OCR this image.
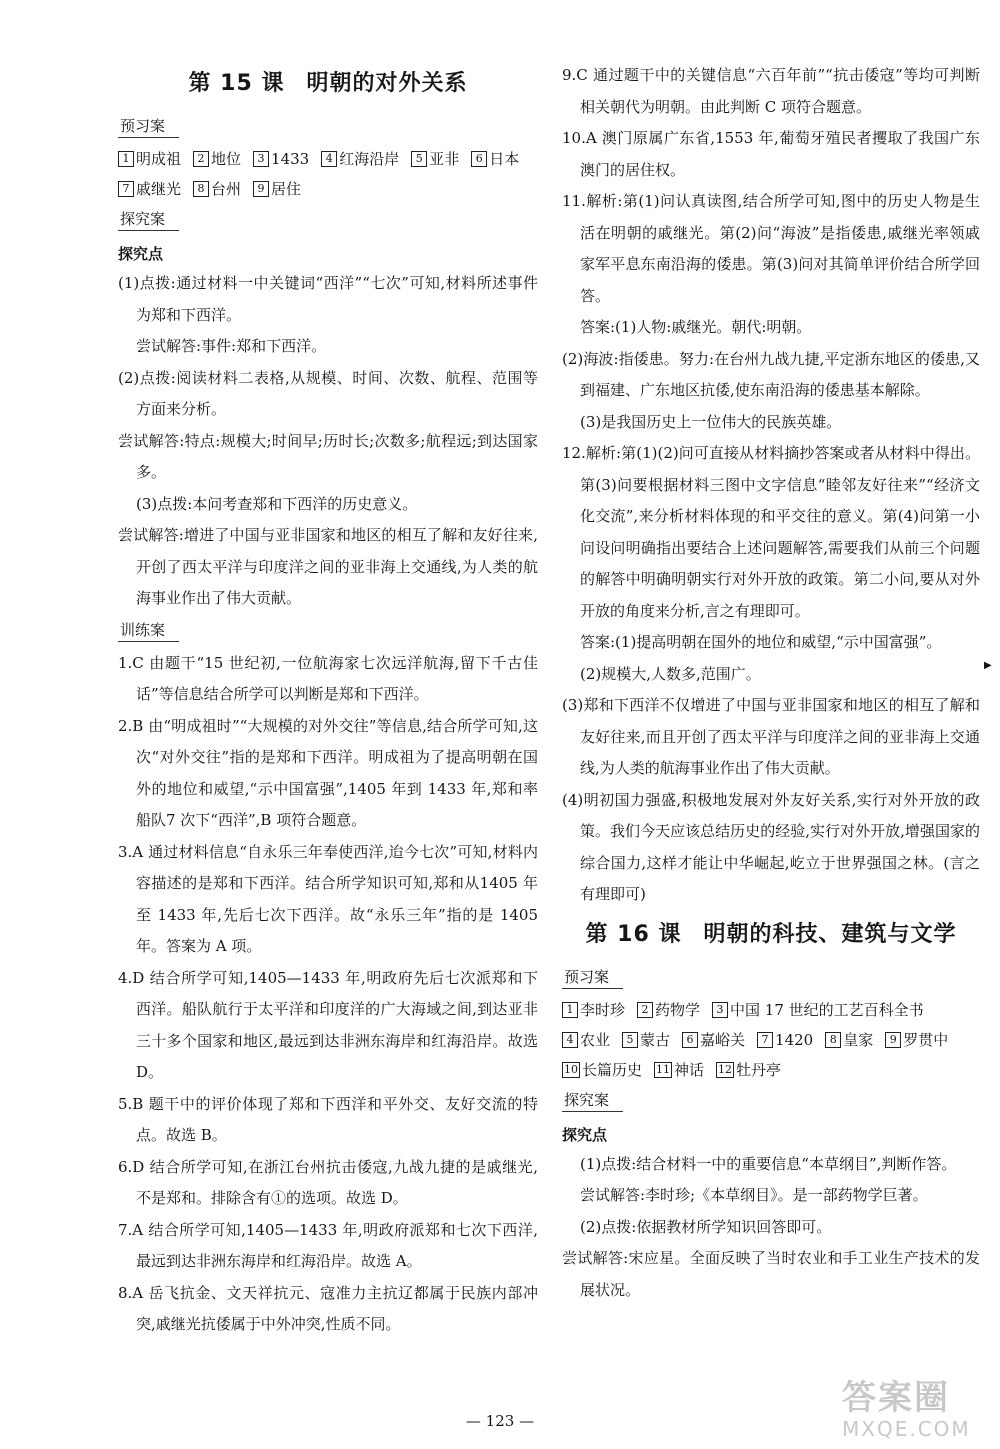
第 15 课 明朝的对外关系
预习案
1 明成祖 2 地位 3 1433 4 红海沿岸 5 亚非 6 日本
7 戚继光 8 台州 9 居住
探究案
探究点

(1)点拨:通过材料一中关键词“西洋”“七次”可知,材料所述事件为郑和下西洋。

尝试解答:事件:郑和下西洋。

(2)点拨:阅读材料二表格,从规模、时间、次数、航程、范围等方面来分析。

尝试解答:特点:规模大;时间早;历时长;次数多;航程远;到达国家多。

(3)点拨:本问考查郑和下西洋的历史意义。

尝试解答:增进了中国与亚非国家和地区的相互了解和友好往来,开创了西太平洋与印度洋之间的亚非海上交通线,为人类的航海事业作出了伟大贡献。

训练案

1.C 由题干“15 世纪初,一位航海家七次远洋航海,留下千古佳话”等信息结合所学可以判断是郑和下西洋。

2.B 由“明成祖时”“大规模的对外交往”等信息,结合所学可知,这次“对外交往”指的是郑和下西洋。明成祖为了提高明朝在国外的地位和威望,“示中国富强”,1405 年到 1433 年,郑和率船队7 次下“西洋”,B 项符合题意。

3.A 通过材料信息“自永乐三年奉使西洋,迨今七次”可知,材料内容描述的是郑和下西洋。结合所学知识可知,郑和从1405 年至 1433 年,先后七次下西洋。故“永乐三年”指的是 1405 年。答案为 A 项。

4.D 结合所学可知,1405—1433 年,明政府先后七次派郑和下西洋。船队航行于太平洋和印度洋的广大海域之间,到达亚非三十多个国家和地区,最远到达非洲东海岸和红海沿岸。故选 D。

5.B 题干中的评价体现了郑和下西洋和平外交、友好交流的特点。故选 B。

6.D 结合所学可知,在浙江台州抗击倭寇,九战九捷的是戚继光,不是郑和。排除含有①的选项。故选 D。

7.A 结合所学可知,1405—1433 年,明政府派郑和七次下西洋,最远到达非洲东海岸和红海沿岸。故选 A。

8.A 岳飞抗金、文天祥抗元、寇准力主抗辽都属于民族内部冲突,戚继光抗倭属于中外冲突,性质不同。

9.C 通过题干中的关键信息“六百年前”“抗击倭寇”等均可判断相关朝代为明朝。由此判断 C 项符合题意。

10.A 澳门原属广东省,1553 年,葡萄牙殖民者攫取了我国广东澳门的居住权。

11.解析:第(1)问认真读图,结合所学可知,图中的历史人物是生活在明朝的戚继光。第(2)问“海波”是指倭患,戚继光率领戚家军平息东南沿海的倭患。第(3)问对其简单评价结合所学回答。

答案:(1)人物:戚继光。朝代:明朝。

(2)海波:指倭患。努力:在台州九战九捷,平定浙东地区的倭患,又到福建、广东地区抗倭,使东南沿海的倭患基本解除。

(3)是我国历史上一位伟大的民族英雄。

12.解析:第(1)(2)问可直接从材料摘抄答案或者从材料中得出。第(3)问要根据材料三图中文字信息“睦邻友好往来”“经济文化交流”,来分析材料体现的和平交往的意义。第(4)问第一小问设问明确指出要结合上述问题解答,需要我们从前三个问题的解答中明确明朝实行对外开放的政策。第二小问,要从对外开放的角度来分析,言之有理即可。

答案:(1)提高明朝在国外的地位和威望,“示中国富强”。

(2)规模大,人数多,范围广。

(3)郑和下西洋不仅增进了中国与亚非国家和地区的相互了解和友好往来,而且开创了西太平洋与印度洋之间的亚非海上交通线,为人类的航海事业作出了伟大贡献。

(4)明初国力强盛,积极地发展对外友好关系,实行对外开放的政策。我们今天应该总结历史的经验,实行对外开放,增强国家的综合国力,这样才能让中华崛起,屹立于世界强国之林。(言之有理即可)

第 16 课 明朝的科技、建筑与文学
预习案
1 李时珍 2 药物学 3 中国 17 世纪的工艺百科全书
4 农业 5 蒙古 6 嘉峪关 7 1420 8 皇家 9 罗贯中
10 长篇历史 11 神话 12 牡丹亭
探究案
探究点

(1)点拨:结合材料一中的重要信息“本草纲目”,判断作答。

尝试解答:李时珍;《本草纲目》。是一部药物学巨著。

(2)点拨:依据教材所学知识回答即可。

尝试解答:宋应星。全面反映了当时农业和手工业生产技术的发展状况。

— 123 —
▶
答案圈
MXQE.COM
